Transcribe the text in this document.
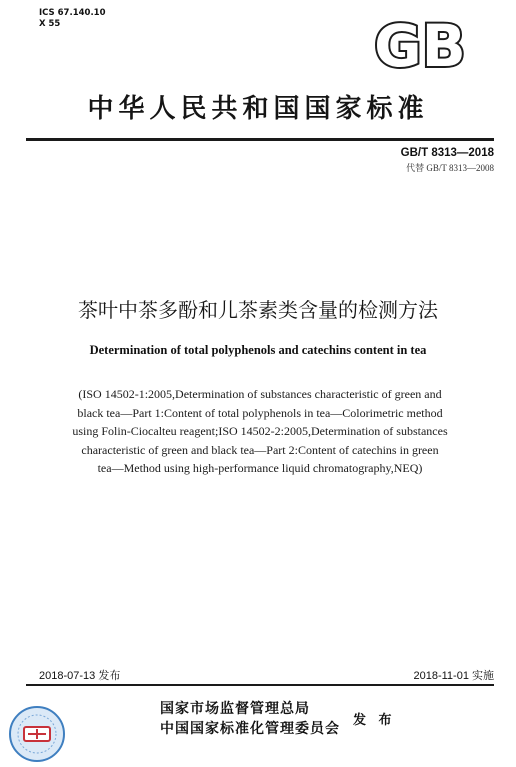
ICS 67.140.10
X 55	GB
中华人民共和国国家标准
GB/T 8313—2018
代替 GB/T 8313—2008
茶叶中茶多酚和儿茶素类含量的检测方法
Determination of total polyphenols and catechins content in tea
(ISO 14502-1:2005,Determination of substances characteristic of green and
black tea—Part 1:Content of total polyphenols in tea—Colorimetric method
using Folin-Ciocalteu reagent;ISO 14502-2:2005,Determination of substances
characteristic of green and black tea—Part 2:Content of catechins in green
tea—Method using high-performance liquid chromatography,NEQ)
2018-07-13 发布	2018-11-01 实施
国家市场监督管理总局
中国国家标准化管理委员会
发 布
